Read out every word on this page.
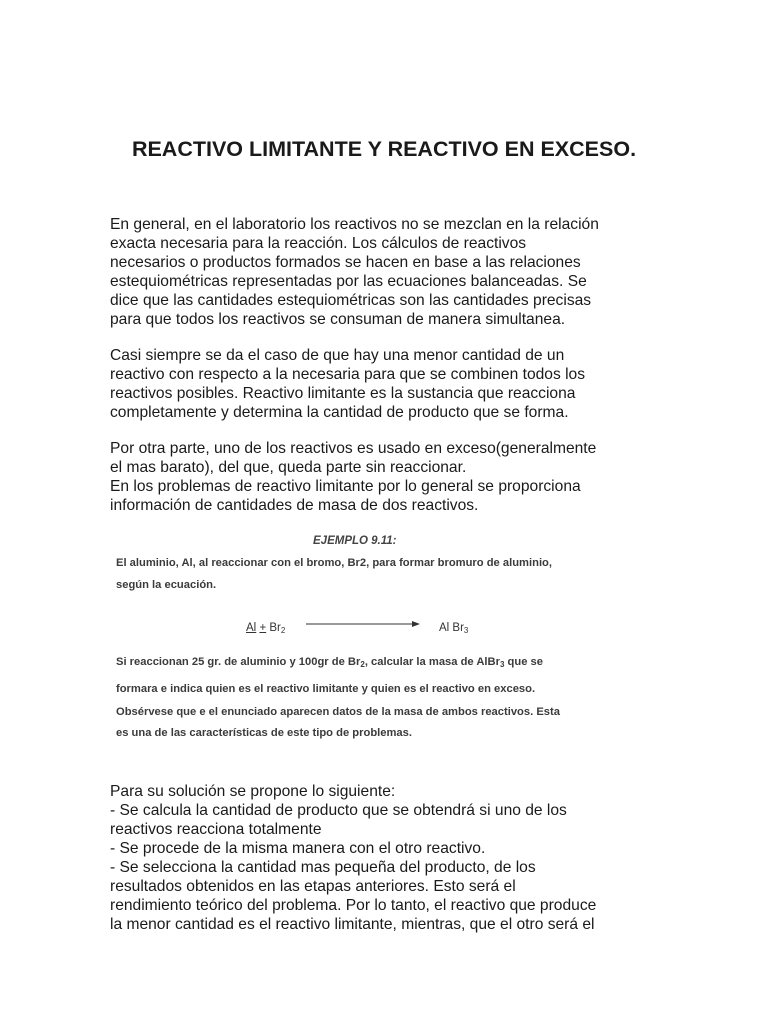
REACTIVO LIMITANTE Y REACTIVO EN EXCESO.

En general, en el laboratorio los reactivos no se mezclan en la relación
exacta necesaria para la reacción. Los cálculos de reactivos
necesarios o productos formados se hacen en base a las relaciones
estequiométricas representadas por las ecuaciones balanceadas. Se
dice que las cantidades estequiométricas son las cantidades precisas
para que todos los reactivos se consuman de manera simultanea.

Casi siempre se da el caso de que hay una menor cantidad de un
reactivo con respecto a la necesaria para que se combinen todos los
reactivos posibles. Reactivo limitante es la sustancia que reacciona
completamente y determina la cantidad de producto que se forma.

Por otra parte, uno de los reactivos es usado en exceso(generalmente
el mas barato), del que, queda parte sin reaccionar.
En los problemas de reactivo limitante por lo general se proporciona
información de cantidades de masa de dos reactivos.

EJEMPLO 9.11:
El aluminio, Al, al reaccionar con el bromo, Br2, para formar bromuro de aluminio,
según la ecuación.
$Al + Br_2$	Al $Br_3$
Si reaccionan 25 gr. de aluminio y 100gr de $Br_2$, calcular la masa de AlBr$_3$ que se
formara e indica quien es el reactivo limitante y quien es el reactivo en exceso.
Obsérvese que e el enunciado aparecen datos de la masa de ambos reactivos. Esta
es una de las características de este tipo de problemas.

Para su solución se propone lo siguiente:
- Se calcula la cantidad de producto que se obtendrá si uno de los
reactivos reacciona totalmente
- Se procede de la misma manera con el otro reactivo.
- Se selecciona la cantidad mas pequeña del producto, de los
resultados obtenidos en las etapas anteriores. Esto será el
rendimiento teórico del problema. Por lo tanto, el reactivo que produce
la menor cantidad es el reactivo limitante, mientras, que el otro será el
